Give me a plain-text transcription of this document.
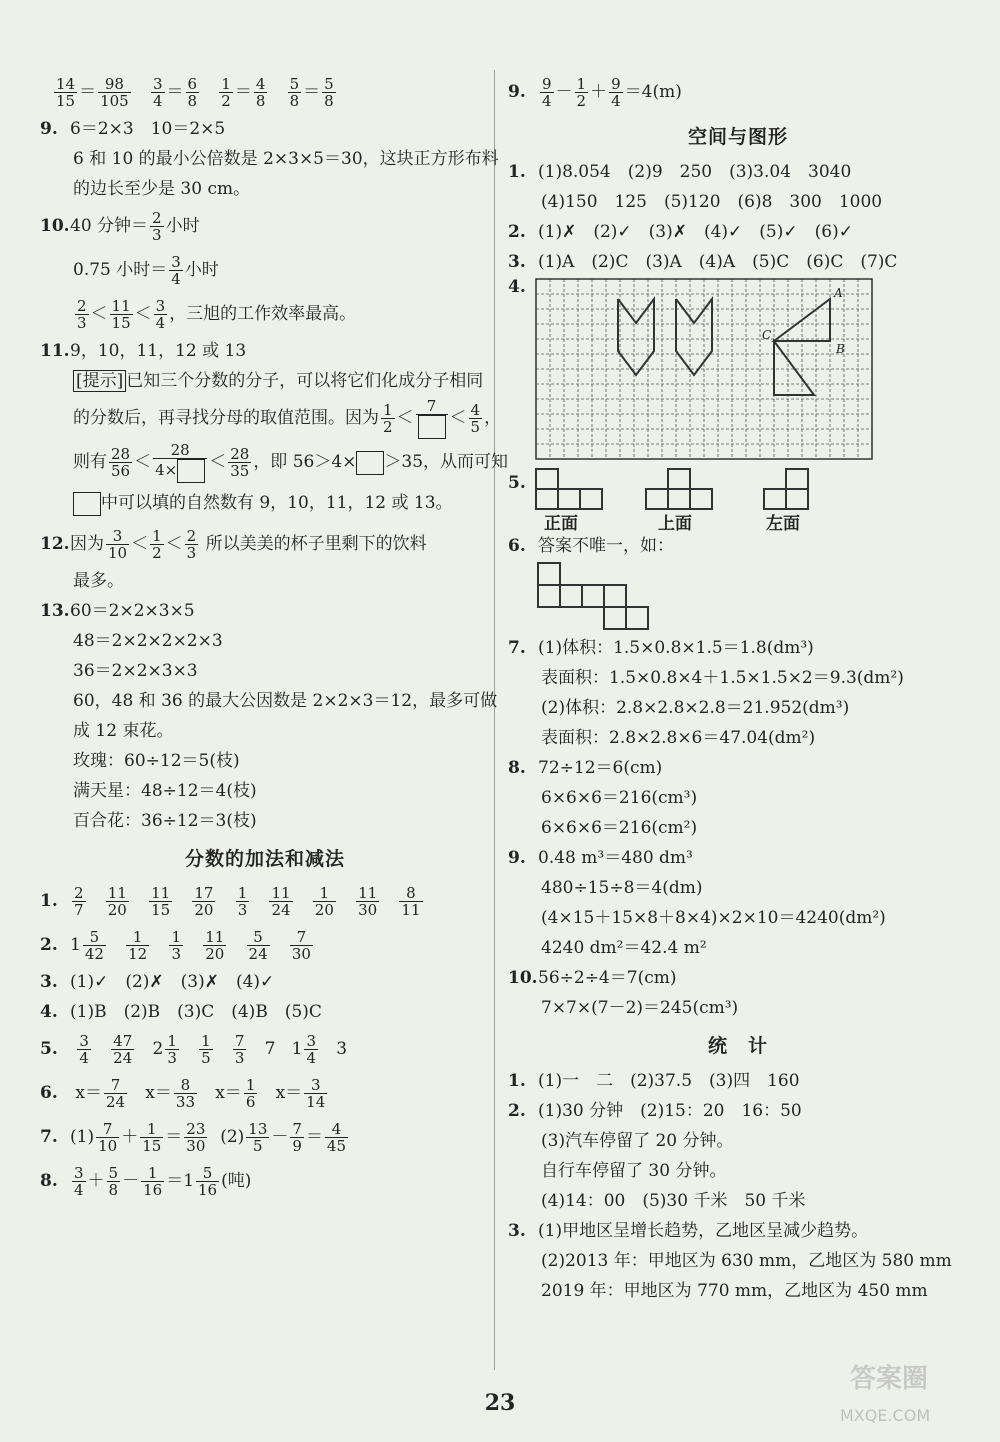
$\frac{14}{15} = \frac{98}{105}$
$\frac{3}{4} = \frac{6}{8}$
$\frac{1}{2} = \frac{4}{8}$
$\frac{5}{8} = \frac{5}{8}$
9. 6＝2×3　10＝2×5
6 和 10 的最小公倍数是 2×3×5＝30，这块正方形布料
的边长至少是 30 cm。
10.40 分钟＝ $\frac{2}{3}$ 小时
0.75 小时＝ $\frac{3}{4}$ 小时
$\frac{2}{3} < \frac{11}{15} < \frac{3}{4}$ ，三旭的工作效率最高。
11.9，10，11，12 或 13
[提示] 已知三个分数的分子，可以将它们化成分子相同
的分数后，再寻找分母的取值范围。因为 $\frac{1}{2}$ ＜
7
＜ $\frac{4}{5}$ ，
则有 $\frac{28}{56} < \frac{28}{4\times} < \frac{28}{35}$ ，即 56＞4× ＞35，从而可知
中可以填的自然数有 9，10，11，12 或 13。
12.因为 $\frac{3}{10} < \frac{1}{2} < \frac{2}{3}$ 所以美美的杯子里剩下的饮料
最多。
13.60＝2×2×3×5
48＝2×2×2×2×3
36＝2×2×3×3
60，48 和 36 的最大公因数是 2×2×3＝12，最多可做
成 12 束花。
玫瑰：60÷12＝5(枝)
满天星：48÷12＝4(枝)
百合花：36÷12＝3(枝)
分数的加法和减法
1. $\frac{2}{7}$
$\frac{11}{20}$
$\frac{11}{15}$
$\frac{17}{20}$
$\frac{1}{3}$
$\frac{11}{24}$
$\frac{1}{20}$
$\frac{11}{30}$
$\frac{8}{11}$

2. $1 \frac{5}{42}$
$\frac{1}{12}$
$\frac{1}{3}$
$\frac{11}{20}$
$\frac{5}{24}$
$\frac{7}{30}$
3. (1)✓　(2)✗　(3)✗　(4)✓
4. (1)B　(2)B　(3)C　(4)B　(5)C
5. $\frac{3}{4}$
$\frac{47}{24} 2 \frac{1}{3}$
$\frac{1}{5}$
$\frac{7}{3} 7$ $1 \frac{3}{4} 3$
6. $x= \frac{7}{24} x= \frac{8}{33} x= \frac{1}{6} x= \frac{3}{14}$
7. $(1) \frac{7}{10} + \frac{1}{15} = \frac{23}{30} (2) \frac{13}{5} - \frac{7}{9} = \frac{4}{45}$
8. $\frac{3}{4} + \frac{5}{8} - \frac{1}{16} =1 \frac{5}{16}$ (吨)
9. $\frac{9}{4} - \frac{1}{2} + \frac{9}{4} =4(m)$
空间与图形
1. (1)8.054　(2)9　250　(3)3.04　3040
(4)150　125　(5)120　(6)8　300　1000
2. (1)✗　(2)✓　(3)✗　(4)✓　(5)✓　(6)✓
3. (1)A　(2)C　(3)A　(4)A　(5)C　(6)C　(7)C
4.	A
B
C
5.
正面	上面	左面
6. 答案不唯一，如：
7. (1)体积：1.5×0.8×1.5＝1.8(dm³)
表面积：1.5×0.8×4＋1.5×1.5×2＝9.3(dm²)
(2)体积：2.8×2.8×2.8＝21.952(dm³)
表面积：2.8×2.8×6＝47.04(dm²)
8. 72÷12＝6(cm)
6×6×6＝216(cm³)
6×6×6＝216(cm²)
9. 0.48 m³＝480 dm³
480÷15÷8＝4(dm)
(4×15＋15×8＋8×4)×2×10＝4240(dm²)
4240 dm²＝42.4 m²
10.56÷2÷4＝7(cm)
7×7×(7－2)＝245(cm³)
统　计
1. (1)一　二　(2)37.5　(3)四　160
2. (1)30 分钟　(2)15：20　16：50
(3)汽车停留了 20 分钟。
自行车停留了 30 分钟。
(4)14：00　(5)30 千米　50 千米
3. (1)甲地区呈增长趋势，乙地区呈减少趋势。
(2)2013 年：甲地区为 630 mm，乙地区为 580 mm
2019 年：甲地区为 770 mm，乙地区为 450 mm
23
答案圈
MXQE.COM
